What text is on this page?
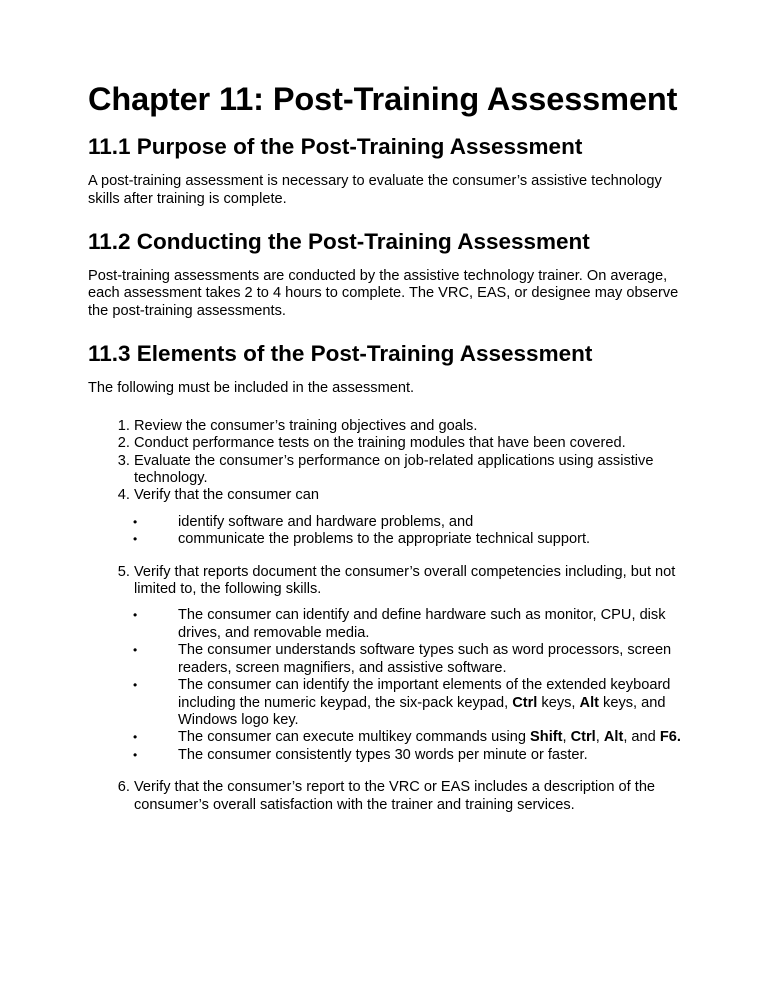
Chapter 11: Post-Training Assessment
11.1 Purpose of the Post-Training Assessment

A post-training assessment is necessary to evaluate the consumer’s assistive technology skills after training is complete.

11.2 Conducting the Post-Training Assessment

Post-training assessments are conducted by the assistive technology trainer. On average, each assessment takes 2 to 4 hours to complete. The VRC, EAS, or designee may observe the post-training assessments.

11.3 Elements of the Post-Training Assessment

The following must be included in the assessment.

1. Review the consumer’s training objectives and goals.
2. Conduct performance tests on the training modules that have been covered.
3. Evaluate the consumer’s performance on job-related applications using assistive technology.
4. Verify that the consumer can
•	identify software and hardware problems, and
•	communicate the problems to the appropriate technical support.
5. Verify that reports document the consumer’s overall competencies including, but not limited to, the following skills.
•	The consumer can identify and define hardware such as monitor, CPU, disk drives, and removable media.
•	The consumer understands software types such as word processors, screen readers, screen magnifiers, and assistive software.
•	The consumer can identify the important elements of the extended keyboard including the numeric keypad, the six-pack keypad, Ctrl keys, Alt keys, and Windows logo key.
•	The consumer can execute multikey commands using Shift, Ctrl, Alt, and F6.
•	The consumer consistently types 30 words per minute or faster.
6. Verify that the consumer’s report to the VRC or EAS includes a description of the consumer’s overall satisfaction with the trainer and training services.
